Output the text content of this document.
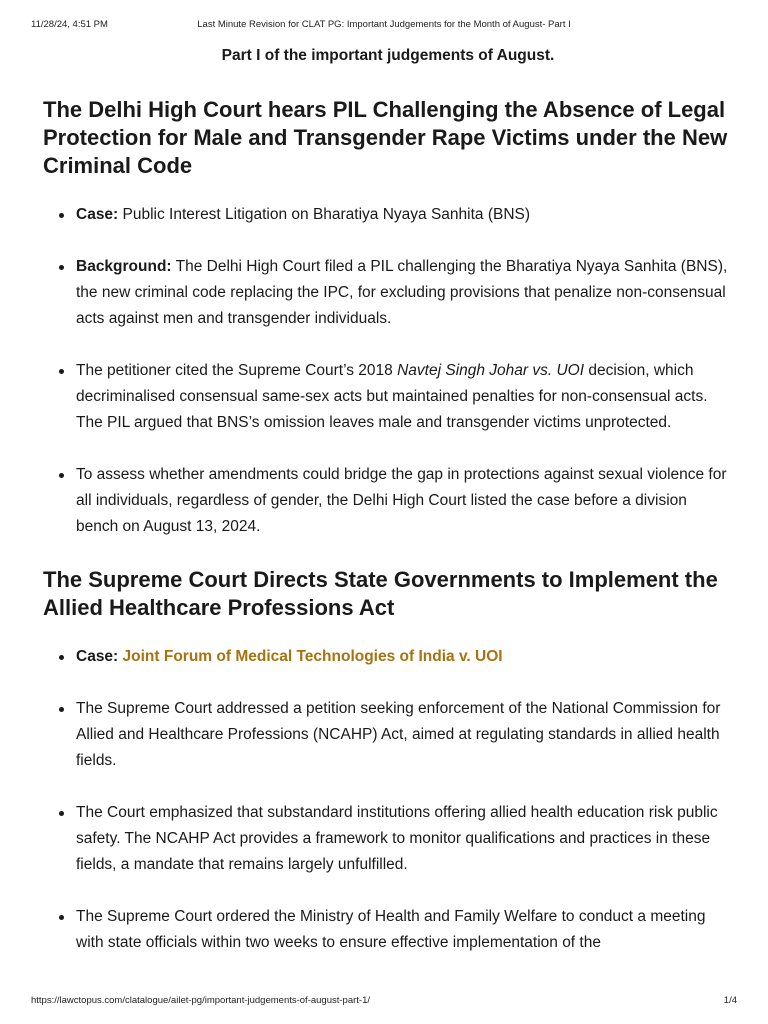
11/28/24, 4:51 PM	Last Minute Revision for CLAT PG: Important Judgements for the Month of August- Part I

Part I of the important judgements of August.

The Delhi High Court hears PIL Challenging the Absence of Legal Protection for Male and Transgender Rape Victims under the New Criminal Code
Case: Public Interest Litigation on Bharatiya Nyaya Sanhita (BNS)
Background: The Delhi High Court filed a PIL challenging the Bharatiya Nyaya Sanhita (BNS), the new criminal code replacing the IPC, for excluding provisions that penalize non-consensual acts against men and transgender individuals.
The petitioner cited the Supreme Court’s 2018 Navtej Singh Johar vs. UOI decision, which decriminalised consensual same-sex acts but maintained penalties for non-consensual acts. The PIL argued that BNS’s omission leaves male and transgender victims unprotected.
To assess whether amendments could bridge the gap in protections against sexual violence for all individuals, regardless of gender, the Delhi High Court listed the case before a division bench on August 13, 2024.
The Supreme Court Directs State Governments to Implement the Allied Healthcare Professions Act
Case: Joint Forum of Medical Technologies of India v. UOI
The Supreme Court addressed a petition seeking enforcement of the National Commission for Allied and Healthcare Professions (NCAHP) Act, aimed at regulating standards in allied health fields.
The Court emphasized that substandard institutions offering allied health education risk public safety. The NCAHP Act provides a framework to monitor qualifications and practices in these fields, a mandate that remains largely unfulfilled.
The Supreme Court ordered the Ministry of Health and Family Welfare to conduct a meeting with state officials within two weeks to ensure effective implementation of the
https://lawctopus.com/clatalogue/ailet-pg/important-judgements-of-august-part-1/	1/4
